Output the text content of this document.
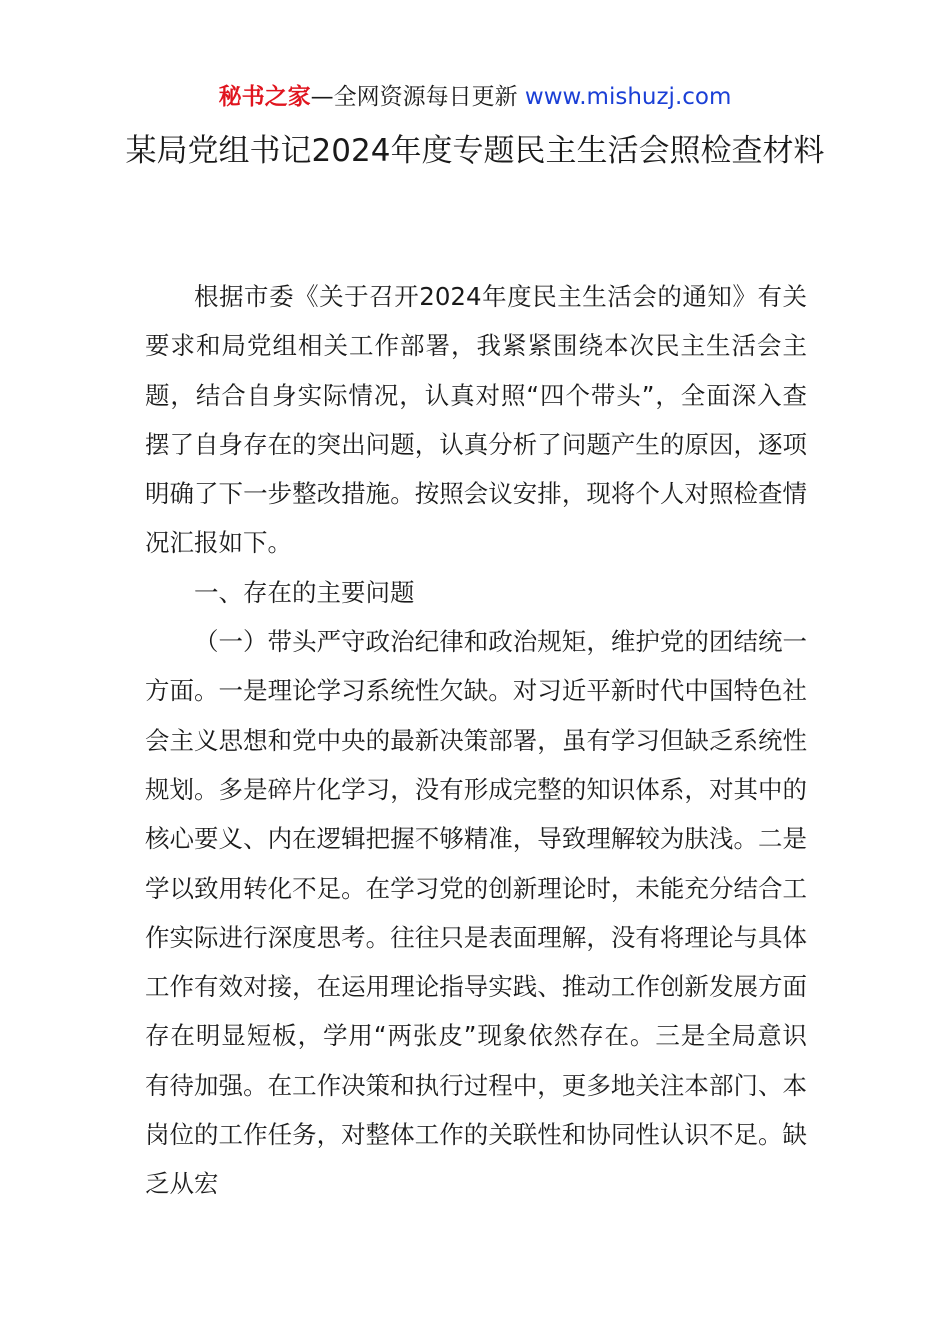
秘书之家—全网资源每日更新 www.mishuzj.com
某局党组书记2024年度专题民主生活会照检查材料

根据市委《关于召开2024年度民主生活会的通知》有关要求和局党组相关工作部署，我紧紧围绕本次民主生活会主题，结合自身实际情况，认真对照“四个带头”，全面深入查摆了自身存在的突出问题，认真分析了问题产生的原因，逐项明确了下一步整改措施。按照会议安排，现将个人对照检查情况汇报如下。

一、存在的主要问题

（一）带头严守政治纪律和政治规矩，维护党的团结统一方面。一是理论学习系统性欠缺。对习近平新时代中国特色社会主义思想和党中央的最新决策部署，虽有学习但缺乏系统性规划。多是碎片化学习，没有形成完整的知识体系，对其中的核心要义、内在逻辑把握不够精准，导致理解较为肤浅。二是学以致用转化不足。在学习党的创新理论时，未能充分结合工作实际进行深度思考。往往只是表面理解，没有将理论与具体工作有效对接，在运用理论指导实践、推动工作创新发展方面存在明显短板，学用“两张皮”现象依然存在。三是全局意识有待加强。在工作决策和执行过程中，更多地关注本部门、本岗位的工作任务，对整体工作的关联性和协同性认识不足。缺乏从宏
